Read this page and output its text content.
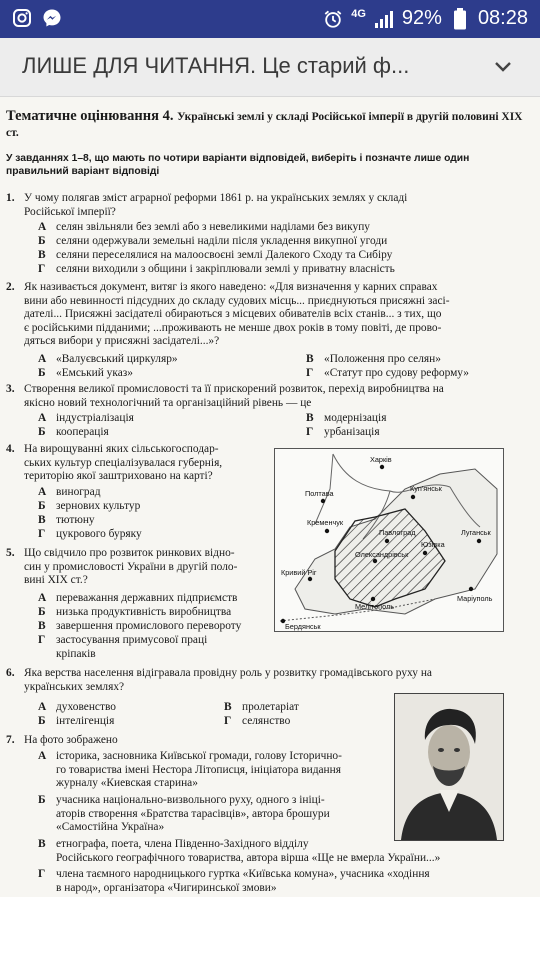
4G 92% 08:28
ЛИШЕ ДЛЯ ЧИТАННЯ. Це старий ф...
Тематичне оцінювання 4. Українські землі у складі Російської імперії в другій половині XIX ст.
У завданнях 1–8, що мають по чотири варіанти відповідей, виберіть і позначте лише один правильний варіант відповіді
1. У чому полягав зміст аграрної реформи 1861 р. на українських землях у складі
Російської імперії?
А селян звільняли без землі або з невеликими наділами без викупу
Б селяни одержували земельні наділи після укладення викупної угоди
В селяни переселялися на малоосвоєні землі Далекого Сходу та Сибіру
Г селяни виходили з общини і закріплювали землі у приватну власність
2. Як називається документ, витяг із якого наведено: «Для визначення у карних справах
вини або невинності підсудних до складу судових місць... приєднуються присяжні засі-
дателі... Присяжні засідателі обираються з місцевих обивателів всіх станів... з тих, що
є російськими підданими; ...проживають не менше двох років в тому повіті, де прово-
дяться вибори у присяжні засідателі...»?
А «Валуєвський циркуляр»
Б «Емський указ»
В «Положення про селян»
Г «Статут про судову реформу»
3. Створення великої промисловості та її прискорений розвиток, перехід виробництва на
якісно новий технологічний та організаційний рівень — це
А індустріалізація
Б кооперація
В модернізація
Г урбанізація
4. На вирощуванні яких сільськогосподар-
ських культур спеціалізувалася губернія,
територію якої заштриховано на карті?
А виноград
Б зернових культур
В тютюну
Г цукрового буряку
Харків
Полтава
Куп'янськ
Кременчук
Павлоград	Луганськ
Олександрівськ
Юзівка
Кривий Ріг
Маріуполь
Мелітополь
Бердянськ
5. Що свідчило про розвиток ринкових відно-
син у промисловості України в другій поло-
вині XIX ст.?
А переважання державних підприємств
Б низька продуктивність виробництва
В завершення промислового перевороту
Г застосування примусової праці
кріпаків
6. Яка верства населення відігравала провідну роль у розвитку громадівського руху на
українських землях?
А духовенство
Б інтелігенція
В пролетаріат
Г селянство
7. На фото зображено
А історика, засновника Київської громади, голову Історично-
го товариства імені Нестора Літописця, ініціатора видання
журналу «Киевская старина»
Б учасника національно-визвольного руху, одного з ініці-
аторів створення «Братства тарасівців», автора брошури
«Самостійна Україна»
В етнографа, поета, члена Південно-Західного відділу
Російського географічного товариства, автора вірша «Ще не вмерла України...»
Г члена таємного народницького гуртка «Київська комуна», учасника «ходіння
в народ», організатора «Чигиринської змови»
